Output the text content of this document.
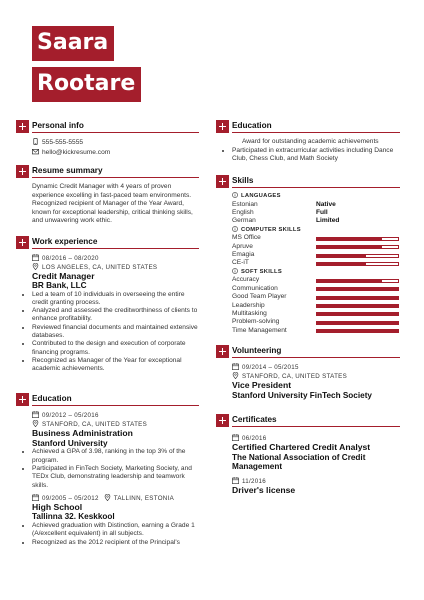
Saara
Rootare
Personal info
555-555-5555
hello@kickresume.com
Resume summary
Dynamic Credit Manager with 4 years of proven experience excelling in fast-paced team environments. Recognized recipient of Manager of the Year Award, known for exceptional leadership, critical thinking skills, and unwavering work ethic.
Work experience
08/2016 – 08/2020
LOS ANGELES, CA, UNITED STATES
Credit Manager
BR Bank, LLC
• Led a team of 10 individuals in overseeing the entire credit granting process.
• Analyzed and assessed the creditworthiness of clients to enhance profitability.
• Reviewed financial documents and maintained extensive databases.
• Contributed to the design and execution of corporate financing programs.
• Recognized as Manager of the Year for exceptional academic achievements.
Education
09/2012 – 05/2016
STANFORD, CA, UNITED STATES
Business Administration
Stanford University
• Achieved a GPA of 3.98, ranking in the top 3% of the program.
• Participated in FinTech Society, Marketing Society, and TEDx Club, demonstrating leadership and teamwork skills.
09/2005 – 05/2012 TALLINN, ESTONIA
High School
Tallinna 32. Keskkool
• Achieved graduation with Distinction, earning a Grade 1 (A/excellent equivalent) in all subjects.
• Recognized as the 2012 recipient of the Principal's
Education
Award for outstanding academic achievements
• Participated in extracurricular activities including Dance Club, Chess Club, and Math Society
Skills
LANGUAGES
Estonian	Native
English	Full
German	Limited
COMPUTER SKILLS
MS Office
Apruve
Emagia
CE-iT
SOFT SKILLS
Accuracy
Communication
Good Team Player
Leadership
Multitasking
Problem-solving
Time Management
Volunteering
09/2014 – 05/2015
STANFORD, CA, UNITED STATES
Vice President
Stanford University FinTech Society
Certificates
06/2016
Certified Chartered Credit Analyst
The National Association of Credit Management
11/2016
Driver's license
